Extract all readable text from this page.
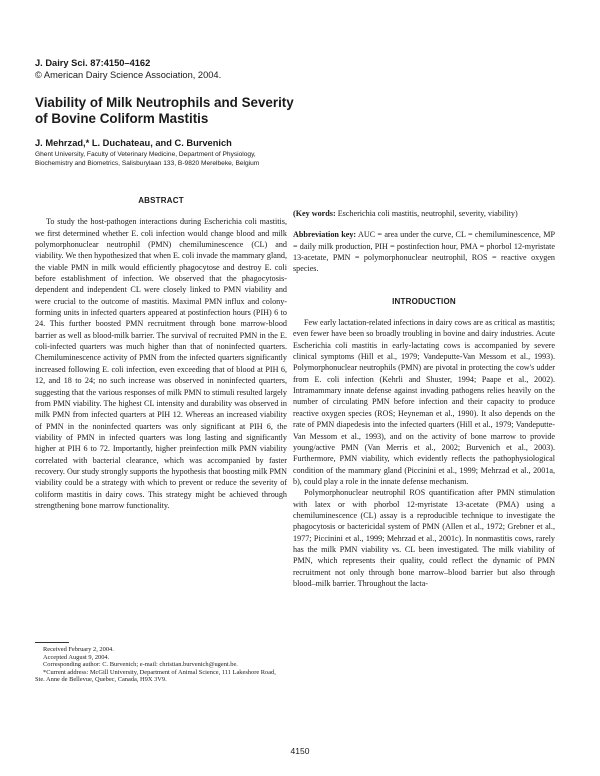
J. Dairy Sci. 87:4150–4162
© American Dairy Science Association, 2004.
Viability of Milk Neutrophils and Severity
of Bovine Coliform Mastitis
J. Mehrzad,* L. Duchateau, and C. Burvenich
Ghent University, Faculty of Veterinary Medicine, Department of Physiology,
Biochemistry and Biometrics, Salisburylaan 133, B-9820 Merelbeke, Belgium
ABSTRACT

To study the host-pathogen interactions during Escherichia coli mastitis, we first determined whether E. coli infection would change blood and milk polymorphonuclear neutrophil (PMN) chemiluminescence (CL) and viability. We then hypothesized that when E. coli invade the mammary gland, the viable PMN in milk would efficiently phagocytose and destroy E. coli before establishment of infection. We observed that the phagocytosis-dependent and independent CL were closely linked to PMN viability and were crucial to the outcome of mastitis. Maximal PMN influx and colony-forming units in infected quarters appeared at postinfection hours (PIH) 6 to 24. This further boosted PMN recruitment through bone marrow-blood barrier as well as blood-milk barrier. The survival of recruited PMN in the E. coli-infected quarters was much higher than that of noninfected quarters. Chemiluminescence activity of PMN from the infected quarters significantly increased following E. coli infection, even exceeding that of blood at PIH 6, 12, and 18 to 24; no such increase was observed in noninfected quarters, suggesting that the various responses of milk PMN to stimuli resulted largely from PMN viability. The highest CL intensity and durability was observed in milk PMN from infected quarters at PIH 12. Whereas an increased viability of PMN in the noninfected quarters was only significant at PIH 6, the viability of PMN in infected quarters was long lasting and significantly higher at PIH 6 to 72. Importantly, higher preinfection milk PMN viability correlated with bacterial clearance, which was accompanied by faster recovery. Our study strongly supports the hypothesis that boosting milk PMN viability could be a strategy with which to prevent or reduce the severity of coliform mastitis in dairy cows. This strategy might be achieved through strengthening bone marrow functionality.

Received February 2, 2004.

Accepted August 9, 2004.

Corresponding author: C. Burvenich; e-mail: christian.burvenich@ugent.be.

*Current address: McGill University, Department of Animal Science, 111 Lakeshore Road, Ste. Anne de Bellevue, Quebec, Canada, H9X 3V9.

(Key words: Escherichia coli mastitis, neutrophil, severity, viability)

Abbreviation key: AUC = area under the curve, CL = chemiluminescence, MP = daily milk production, PIH = postinfection hour, PMA = phorbol 12-myristate 13-acetate, PMN = polymorphonuclear neutrophil, ROS = reactive oxygen species.

INTRODUCTION

Few early lactation-related infections in dairy cows are as critical as mastitis; even fewer have been so broadly troubling in bovine and dairy industries. Acute Escherichia coli mastitis in early-lactating cows is accompanied by severe clinical symptoms (Hill et al., 1979; Vandeputte-Van Messom et al., 1993). Polymorphonuclear neutrophils (PMN) are pivotal in protecting the cow's udder from E. coli infection (Kehrli and Shuster, 1994; Paape et al., 2002). Intramammary innate defense against invading pathogens relies heavily on the number of circulating PMN before infection and their capacity to produce reactive oxygen species (ROS; Heyneman et al., 1990). It also depends on the rate of PMN diapedesis into the infected quarters (Hill et al., 1979; Vandeputte-Van Messom et al., 1993), and on the activity of bone marrow to provide young/active PMN (Van Merris et al., 2002; Burvenich et al., 2003). Furthermore, PMN viability, which evidently reflects the pathophysiological condition of the mammary gland (Piccinini et al., 1999; Mehrzad et al., 2001a, b), could play a role in the innate defense mechanism.

Polymorphonuclear neutrophil ROS quantification after PMN stimulation with latex or with phorbol 12-myristate 13-acetate (PMA) using a chemiluminescence (CL) assay is a reproducible technique to investigate the phagocytosis or bactericidal system of PMN (Allen et al., 1972; Grebner et al., 1977; Piccinini et al., 1999; Mehrzad et al., 2001c). In nonmastitis cows, rarely has the milk PMN viability vs. CL been investigated. The milk viability of PMN, which represents their quality, could reflect the dynamic of PMN recruitment not only through bone marrow–blood barrier but also through blood–milk barrier. Throughout the lacta-

4150
